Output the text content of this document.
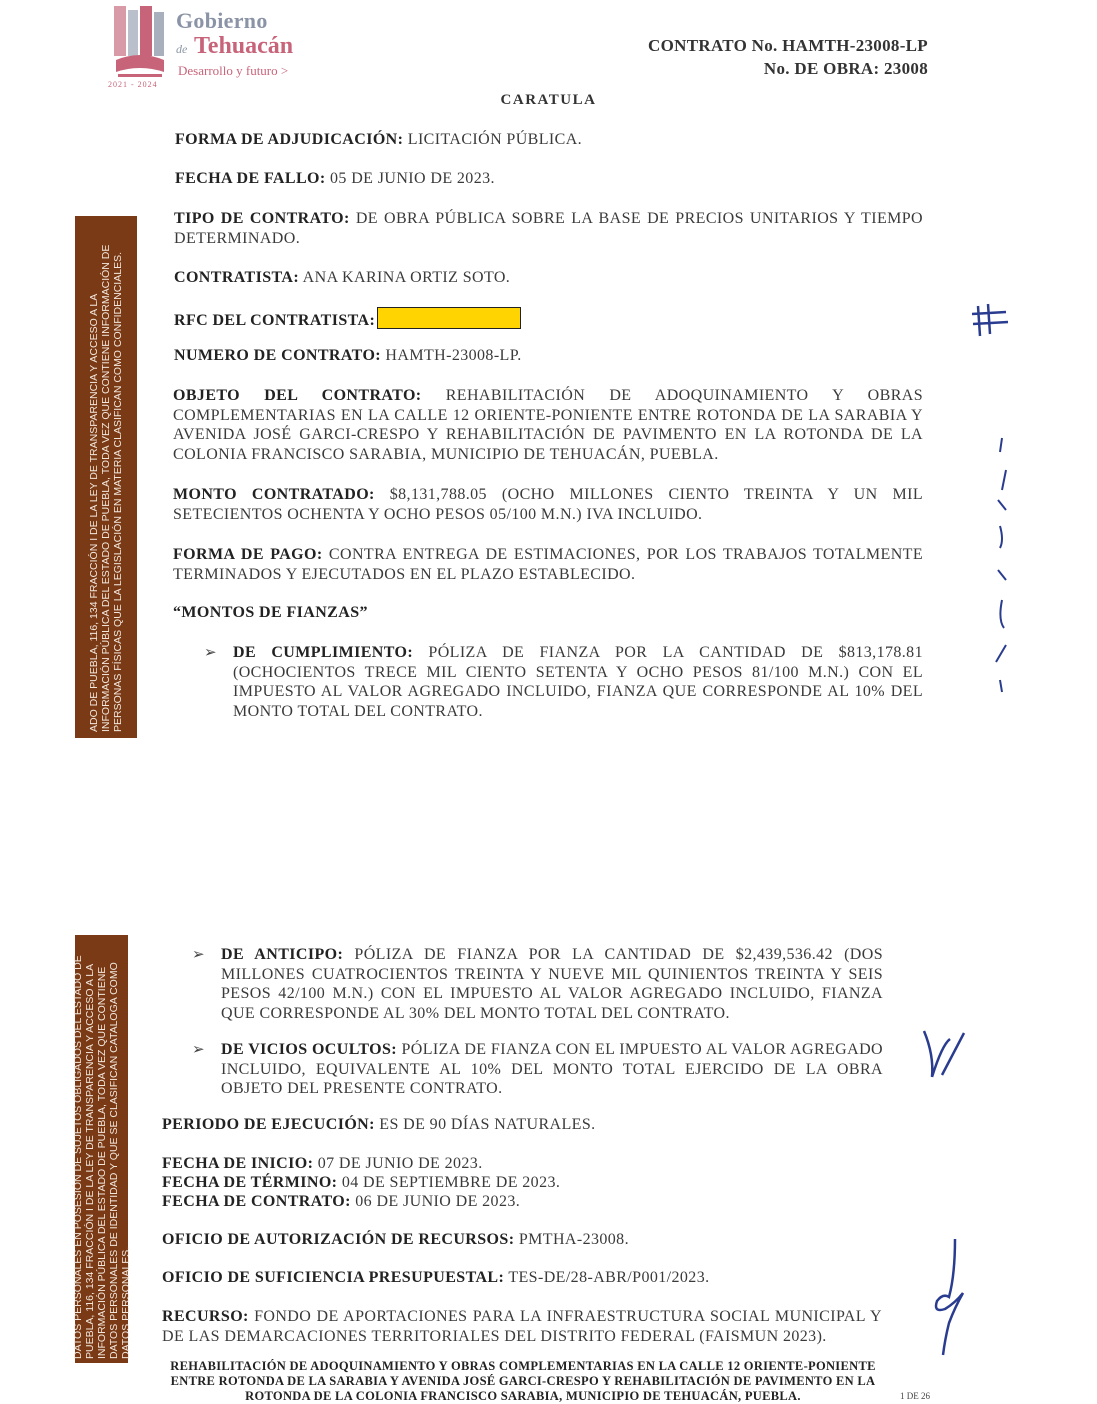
Gobierno
de Tehuacán
Desarrollo y futuro >
2021 - 2024
CONTRATO No. HAMTH-23008-LP
No. DE OBRA: 23008
CARATULA
FORMA DE ADJUDICACIÓN: LICITACIÓN PÚBLICA.
FECHA DE FALLO: 05 DE JUNIO DE 2023.
TIPO DE CONTRATO: DE OBRA PÚBLICA SOBRE LA BASE DE PRECIOS UNITARIOS Y TIEMPO DETERMINADO.
CONTRATISTA: ANA KARINA ORTIZ SOTO.
RFC DEL CONTRATISTA:
NUMERO DE CONTRATO: HAMTH-23008-LP.
OBJETO DEL CONTRATO: REHABILITACIÓN DE ADOQUINAMIENTO Y OBRAS COMPLEMENTARIAS EN LA CALLE 12 ORIENTE-PONIENTE ENTRE ROTONDA DE LA SARABIA Y AVENIDA JOSÉ GARCI-CRESPO Y REHABILITACIÓN DE PAVIMENTO EN LA ROTONDA DE LA COLONIA FRANCISCO SARABIA, MUNICIPIO DE TEHUACÁN, PUEBLA.
MONTO CONTRATADO: $8,131,788.05 (OCHO MILLONES CIENTO TREINTA Y UN MIL SETECIENTOS OCHENTA Y OCHO PESOS 05/100 M.N.) IVA INCLUIDO.
FORMA DE PAGO: CONTRA ENTREGA DE ESTIMACIONES, POR LOS TRABAJOS TOTALMENTE TERMINADOS Y EJECUTADOS EN EL PLAZO ESTABLECIDO.
“MONTOS DE FIANZAS”
➢ DE CUMPLIMIENTO: PÓLIZA DE FIANZA POR LA CANTIDAD DE $813,178.81 (OCHOCIENTOS TRECE MIL CIENTO SETENTA Y OCHO PESOS 81/100 M.N.) CON EL IMPUESTO AL VALOR AGREGADO INCLUIDO, FIANZA QUE CORRESPONDE AL 10% DEL MONTO TOTAL DEL CONTRATO.
➢ DE ANTICIPO: PÓLIZA DE FIANZA POR LA CANTIDAD DE $2,439,536.42 (DOS MILLONES CUATROCIENTOS TREINTA Y NUEVE MIL QUINIENTOS TREINTA Y SEIS PESOS 42/100 M.N.) CON EL IMPUESTO AL VALOR AGREGADO INCLUIDO, FIANZA QUE CORRESPONDE AL 30% DEL MONTO TOTAL DEL CONTRATO.
➢ DE VICIOS OCULTOS: PÓLIZA DE FIANZA CON EL IMPUESTO AL VALOR AGREGADO INCLUIDO, EQUIVALENTE AL 10% DEL MONTO TOTAL EJERCIDO DE LA OBRA OBJETO DEL PRESENTE CONTRATO.
PERIODO DE EJECUCIÓN: ES DE 90 DÍAS NATURALES.
FECHA DE INICIO: 07 DE JUNIO DE 2023.
FECHA DE TÉRMINO: 04 DE SEPTIEMBRE DE 2023.
FECHA DE CONTRATO: 06 DE JUNIO DE 2023.
OFICIO DE AUTORIZACIÓN DE RECURSOS: PMTHA-23008.
OFICIO DE SUFICIENCIA PRESUPUESTAL: TES-DE/28-ABR/P001/2023.
RECURSO: FONDO DE APORTACIONES PARA LA INFRAESTRUCTURA SOCIAL MUNICIPAL Y DE LAS DEMARCACIONES TERRITORIALES DEL DISTRITO FEDERAL (FAISMUN 2023).
ADO DE PUEBLA, 116, 134 FRACCIÓN I DE LA LEY DE TRANSPARENCIA Y ACCESO A LA INFORMACIÓN PÚBLICA DEL ESTADO DE PUEBLA, TODA VEZ QUE CONTIENE INFORMACIÓN DE PERSONAS FÍSICAS QUE LA LEGISLACIÓN EN MATERIA CLASIFICAN COMO CONFIDENCIALES.
DATOS PERSONALES EN POSESIÓN DE SUJETOS OBLIGADOS DEL ESTADO DE PUEBLA, 116, 134 FRACCIÓN I DE LA LEY DE TRANSPARENCIA Y ACCESO A LA INFORMACIÓN PÚBLICA DEL ESTADO DE PUEBLA, TODA VEZ QUE CONTIENE DATOS PERSONALES DE IDENTIDAD Y QUE SE CLASIFICAN CATALOGA COMO DATOS PERSONALES.
REHABILITACIÓN DE ADOQUINAMIENTO Y OBRAS COMPLEMENTARIAS EN LA CALLE 12 ORIENTE-PONIENTE
ENTRE ROTONDA DE LA SARABIA Y AVENIDA JOSÉ GARCI-CRESPO Y REHABILITACIÓN DE PAVIMENTO EN LA
ROTONDA DE LA COLONIA FRANCISCO SARABIA, MUNICIPIO DE TEHUACÁN, PUEBLA.	1 DE 26
